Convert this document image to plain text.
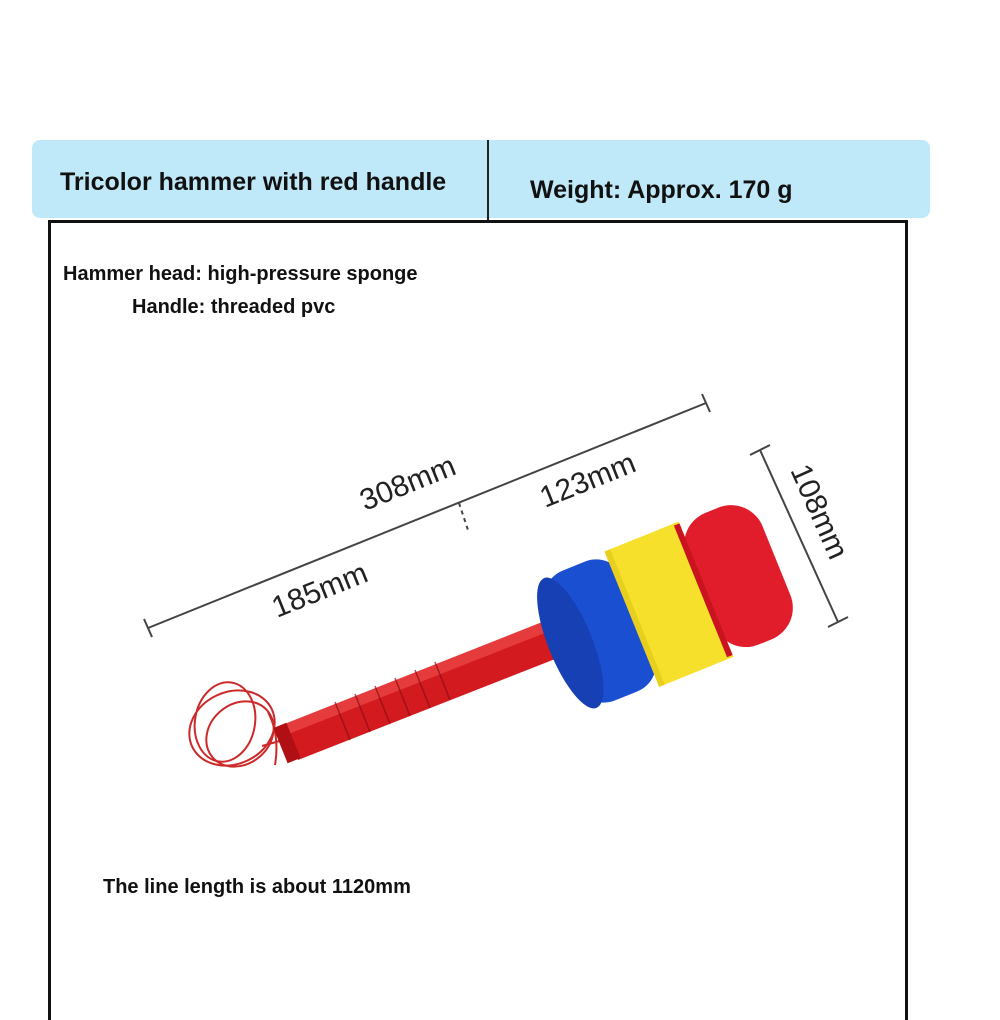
Tricolor hammer with red handle	Weight: Approx. 170 g
Hammer head: high-pressure sponge
Handle: threaded pvc
The line length is about 1120mm
308mm 123mm
185mm
108mm
